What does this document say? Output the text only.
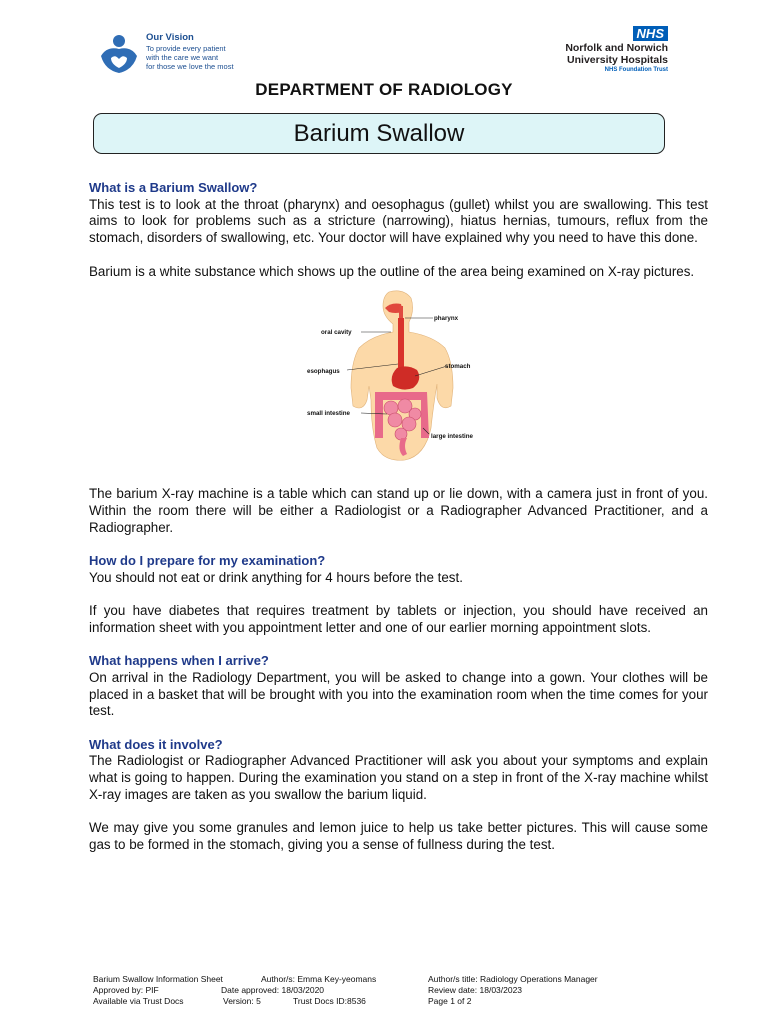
Our Vision
To provide every patient
with the care we want
for those we love the most
NHS
Norfolk and Norwich
University Hospitals
NHS Foundation Trust
DEPARTMENT OF RADIOLOGY
Barium Swallow

What is a Barium Swallow?

This test is to look at the throat (pharynx) and oesophagus (gullet) whilst you are swallowing. This test aims to look for problems such as a stricture (narrowing), hiatus hernias, tumours, reflux from the stomach, disorders of swallowing, etc. Your doctor will have explained why you need to have this done.

Barium is a white substance which shows up the outline of the area being examined on X-ray pictures.

pharynx
oral cavity
esophagus
stomach
small intestine
large intestine

The barium X-ray machine is a table which can stand up or lie down, with a camera just in front of you. Within the room there will be either a Radiologist or a Radiographer Advanced Practitioner, and a Radiographer.

How do I prepare for my examination?

You should not eat or drink anything for 4 hours before the test.

If you have diabetes that requires treatment by tablets or injection, you should have received an information sheet with you appointment letter and one of our earlier morning appointment slots.

What happens when I arrive?

On arrival in the Radiology Department, you will be asked to change into a gown. Your clothes will be placed in a basket that will be brought with you into the examination room when the time comes for your test.

What does it involve?

The Radiologist or Radiographer Advanced Practitioner will ask you about your symptoms and explain what is going to happen. During the examination you stand on a step in front of the X-ray machine whilst X-ray images are taken as you swallow the barium liquid.

We may give you some granules and lemon juice to help us take better pictures. This will cause some gas to be formed in the stomach, giving you a sense of fullness during the test.

Barium Swallow Information Sheet	Author/s: Emma Key-yeomans	Author/s title: Radiology Operations Manager
Approved by: PIF	Date approved: 18/03/2020	Review date: 18/03/2023
Available via Trust Docs	Version: 5	Trust Docs ID:8536	Page 1 of 2
